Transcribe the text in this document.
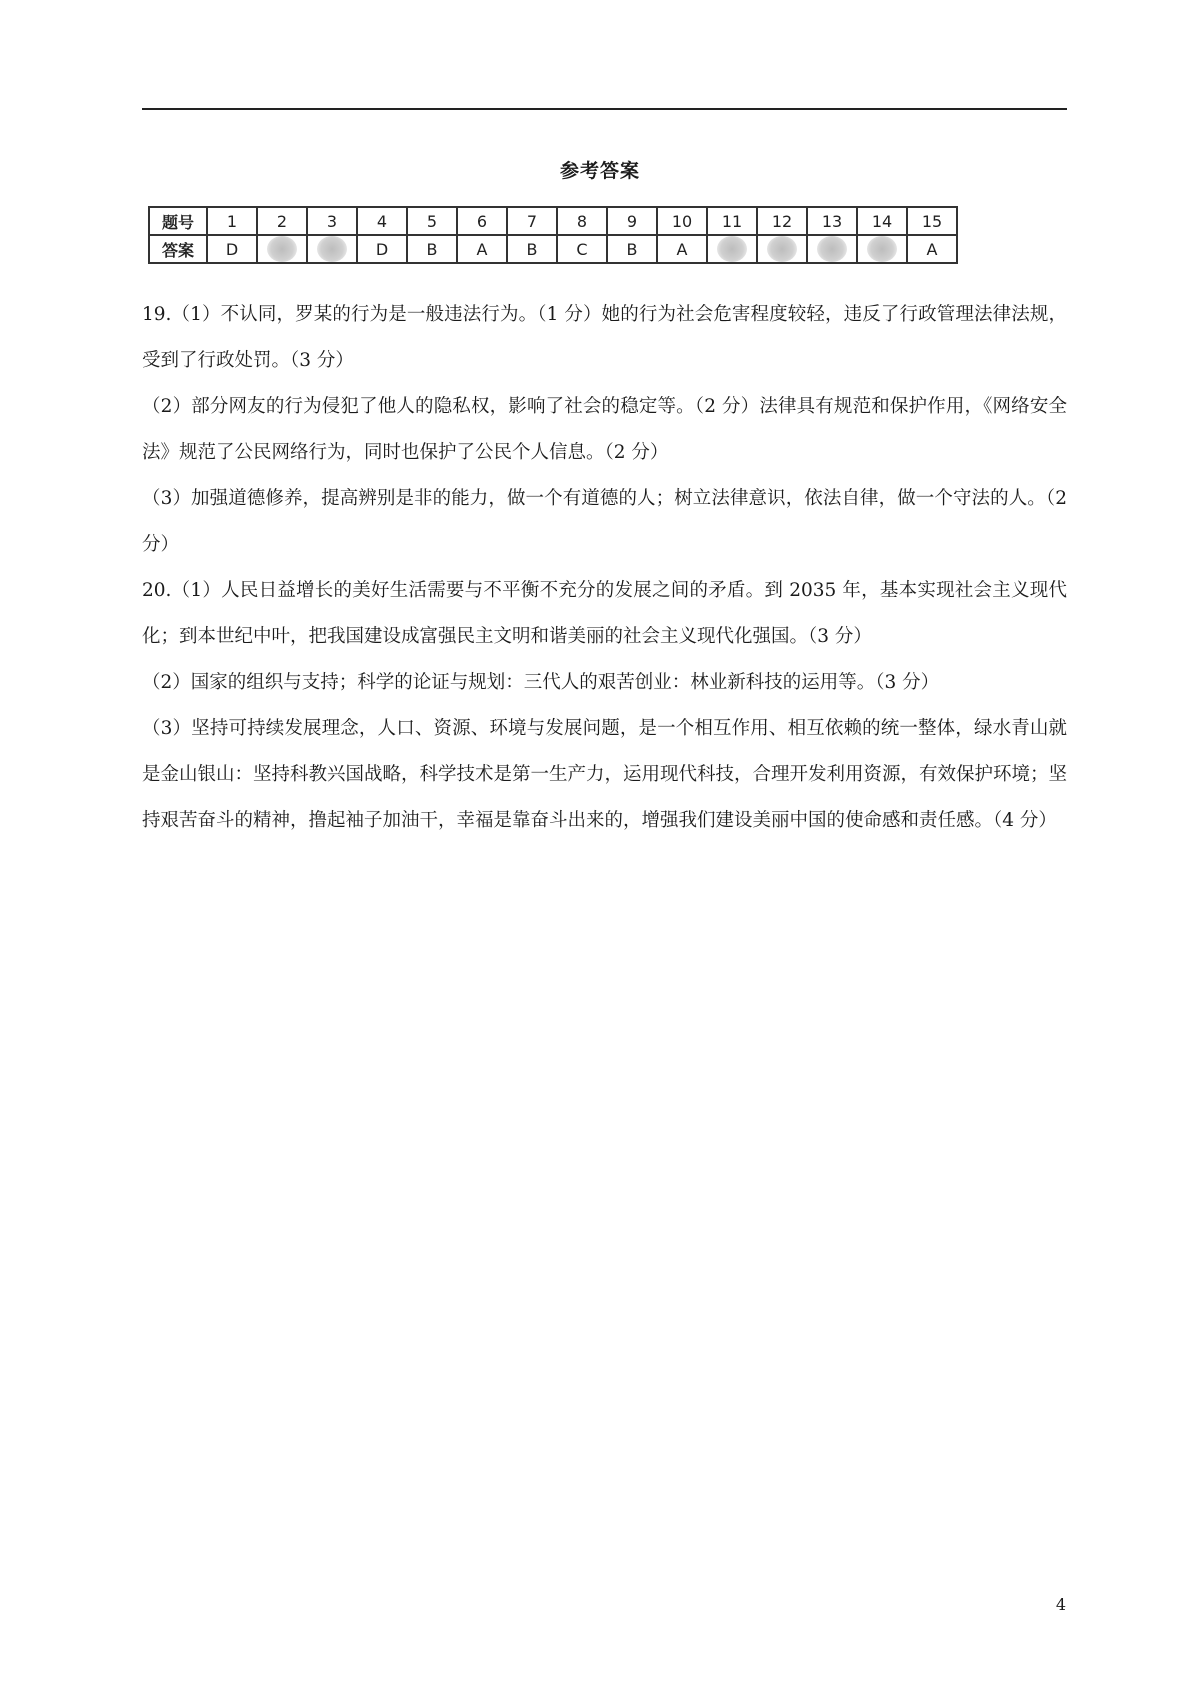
参考答案
题号	1	2	3	4	5	6	7	8	9	10	11	12	13	14	15
答案	D			D	B	A	B	C	B	A					A

19.（1）不认同，罗某的行为是一般违法行为。（1 分）她的行为社会危害程度较轻，违反了行政管理法律法规，受到了行政处罚。（3 分）

（2）部分网友的行为侵犯了他人的隐私权，影响了社会的稳定等。（2 分）法律具有规范和保护作用，《网络安全法》规范了公民网络行为，同时也保护了公民个人信息。（2 分）

（3）加强道德修养，提高辨别是非的能力，做一个有道德的人；树立法律意识，依法自律，做一个守法的人。（2 分）

20.（1）人民日益增长的美好生活需要与不平衡不充分的发展之间的矛盾。到 2035 年，基本实现社会主义现代化；到本世纪中叶，把我国建设成富强民主文明和谐美丽的社会主义现代化强国。（3 分）

（2）国家的组织与支持；科学的论证与规划：三代人的艰苦创业：林业新科技的运用等。（3 分）

（3）坚持可持续发展理念，人口、资源、环境与发展问题，是一个相互作用、相互依赖的统一整体，绿水青山就是金山银山：坚持科教兴国战略，科学技术是第一生产力，运用现代科技，合理开发利用资源，有效保护环境；坚持艰苦奋斗的精神，撸起袖子加油干，幸福是靠奋斗出来的，增强我们建设美丽中国的使命感和责任感。（4 分）

4
